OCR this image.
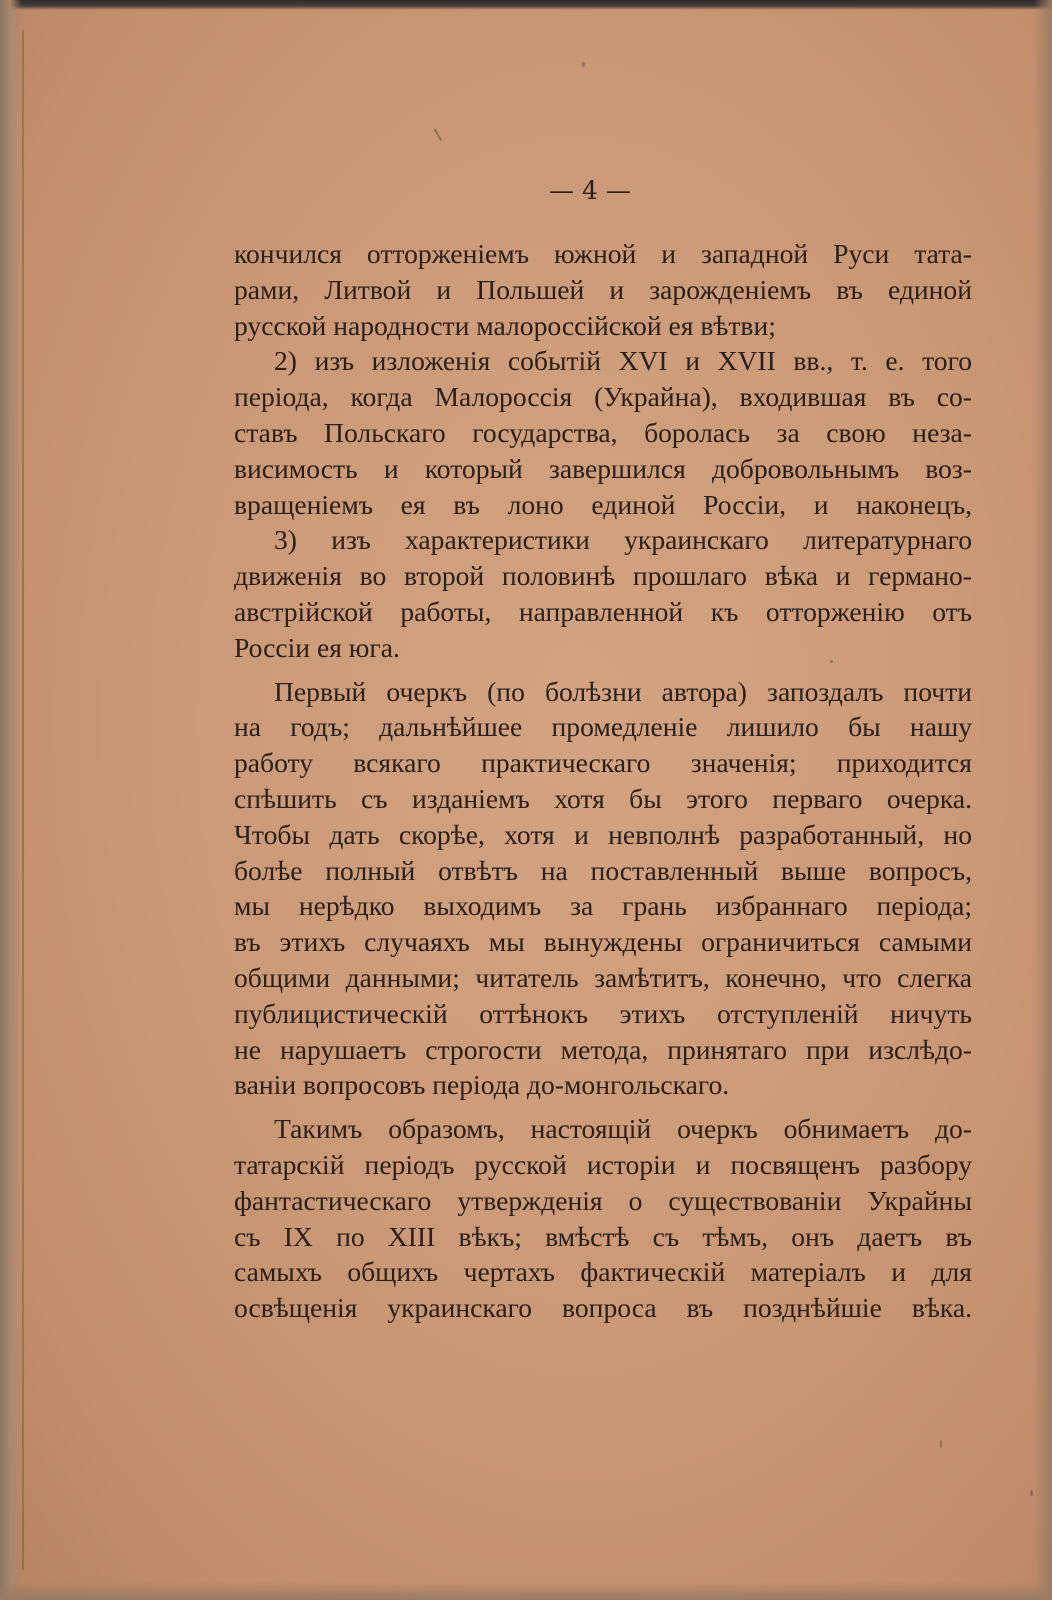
— 4 —
кончился отторженіемъ южной и западной Руси тата-
рами, Литвой и Польшей и зарожденіемъ въ единой
русской народности малороссійской ея вѣтви;
2) изъ изложенія событій XVI и XVII вв., т. е. того
періода, когда Малороссія (Украйна), входившая въ со-
ставъ Польскаго государства, боролась за свою неза-
висимость и который завершился добровольнымъ воз-
вращеніемъ ея въ лоно единой Россіи, и наконецъ,
3) изъ характеристики украинскаго литературнаго
движенія во второй половинѣ прошлаго вѣка и германо-
австрійской работы, направленной къ отторженію отъ
Россіи ея юга.
Первый очеркъ (по болѣзни автора) запоздалъ почти
на годъ; дальнѣйшее промедленіе лишило бы нашу
работу всякаго практическаго значенія; приходится
спѣшить съ изданіемъ хотя бы этого перваго очерка.
Чтобы дать скорѣе, хотя и невполнѣ разработанный, но
болѣе полный отвѣтъ на поставленный выше вопросъ,
мы нерѣдко выходимъ за грань избраннаго періода;
въ этихъ случаяхъ мы вынуждены ограничиться самыми
общими данными; читатель замѣтитъ, конечно, что слегка
публицистическій оттѣнокъ этихъ отступленій ничуть
не нарушаетъ строгости метода, принятаго при изслѣдо-
ваніи вопросовъ періода до-монгольскаго.
Такимъ образомъ, настоящій очеркъ обнимаетъ до-
татарскій періодъ русской исторіи и посвященъ разбору
фантастическаго утвержденія о существованіи Украйны
съ IX по XIII вѣкъ; вмѣстѣ съ тѣмъ, онъ даетъ въ
самыхъ общихъ чертахъ фактическій матеріалъ и для
освѣщенія украинскаго вопроса въ позднѣйшіе вѣка.
